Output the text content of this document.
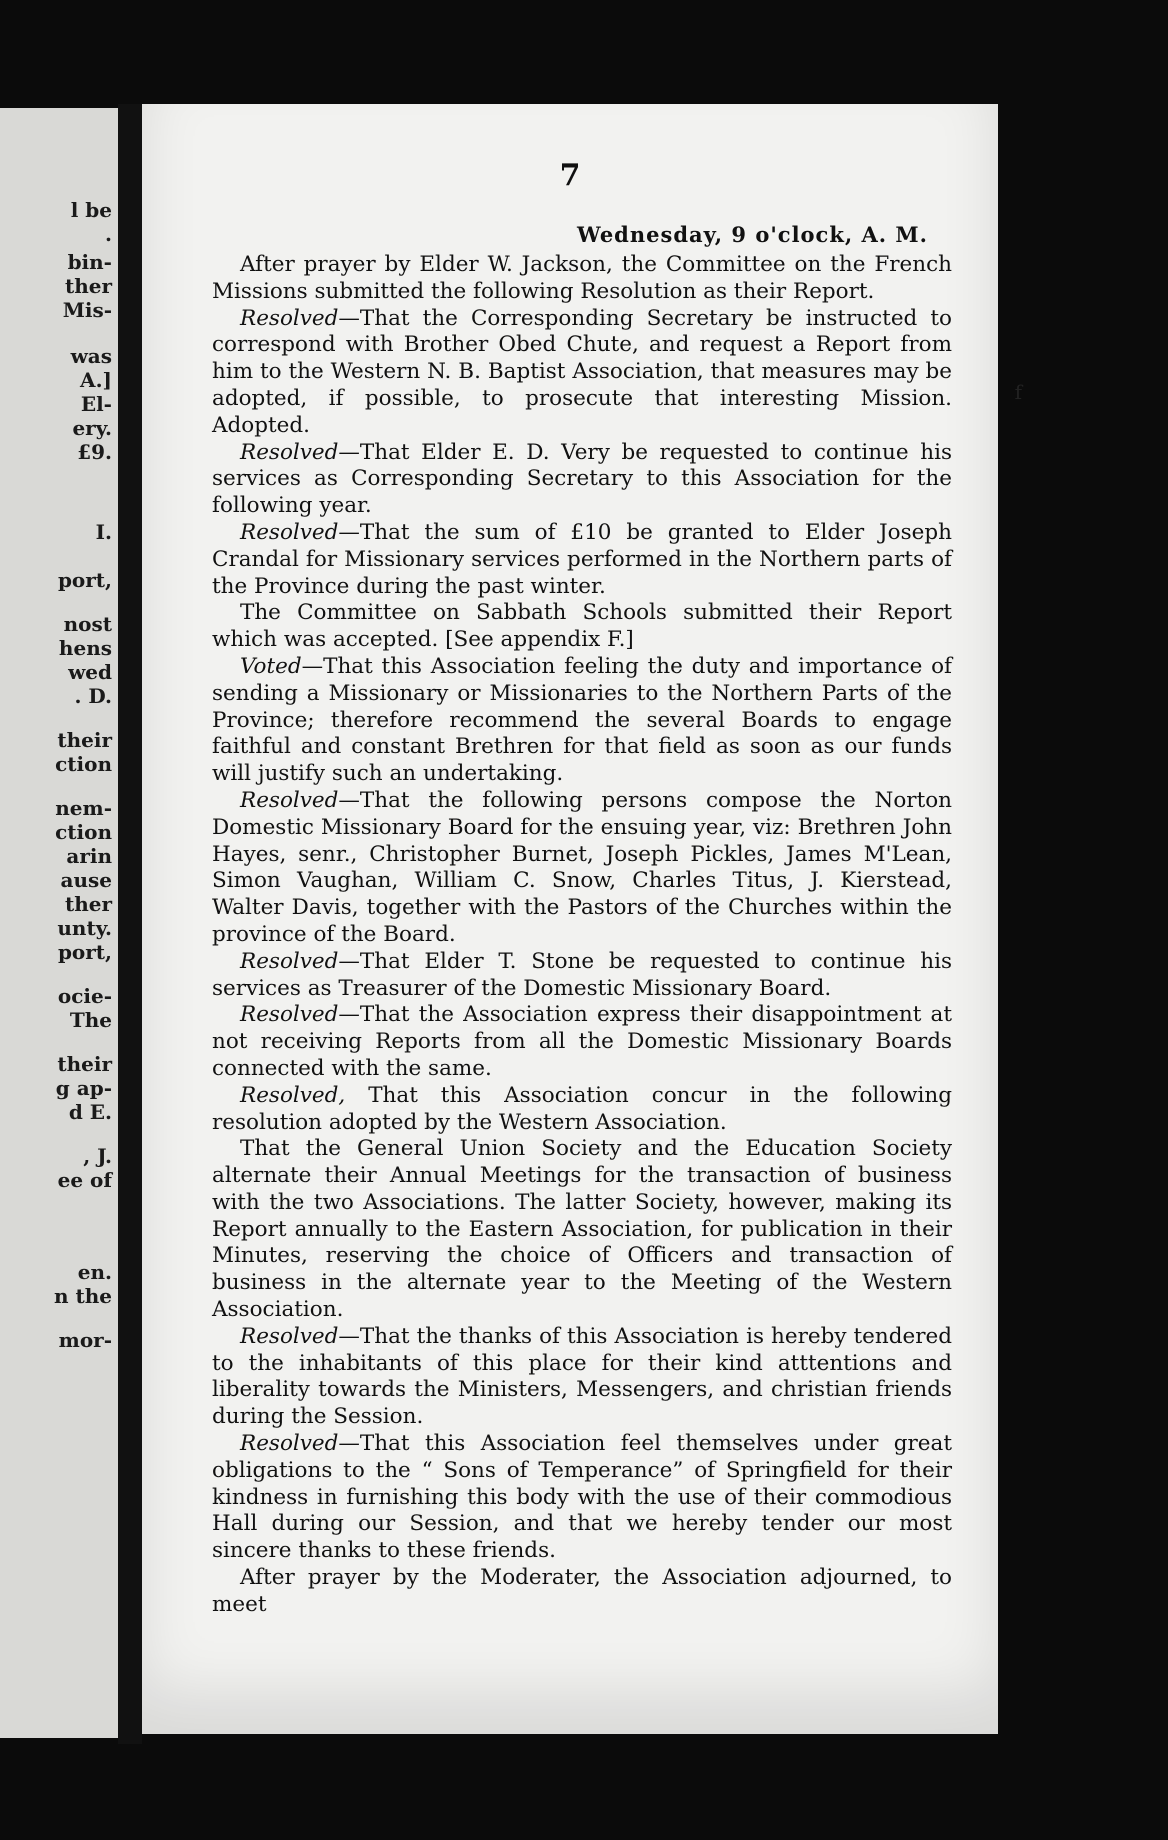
l be
.
bin-
ther
Mis-
was
A.]
El-
ery.
£9.
I.
port,
nost
hens
wed
. D.
their
ction
nem-
ction
arin
ause
ther
unty.
port,
ocie-
The
their
g ap-
d E.
, J.
ee of
en.
n the
mor-
7
Wednesday, 9 o'clock, A. M.

After prayer by Elder W. Jackson, the Committee on the French Missions submitted the following Resolution as their Report.

Resolved—That the Corresponding Secretary be instructed to correspond with Brother Obed Chute, and request a Report from him to the Western N. B. Baptist Association, that measures may be adopted, if possible, to prosecute that interesting Mission. Adopted.

Resolved—That Elder E. D. Very be requested to continue his services as Corresponding Secretary to this Association for the following year.

Resolved—That the sum of £10 be granted to Elder Joseph Crandal for Missionary services performed in the Northern parts of the Province during the past winter.

The Committee on Sabbath Schools submitted their Report which was accepted. [See appendix F.]

Voted—That this Association feeling the duty and importance of sending a Missionary or Missionaries to the Northern Parts of the Province; therefore recommend the several Boards to engage faithful and constant Brethren for that field as soon as our funds will justify such an undertaking.

Resolved—That the following persons compose the Norton Domestic Missionary Board for the ensuing year, viz: Brethren John Hayes, senr., Christopher Burnet, Joseph Pickles, James M'Lean, Simon Vaughan, William C. Snow, Charles Titus, J. Kierstead, Walter Davis, together with the Pastors of the Churches within the province of the Board.

Resolved—That Elder T. Stone be requested to continue his services as Treasurer of the Domestic Missionary Board.

Resolved—That the Association express their disappointment at not receiving Reports from all the Domestic Missionary Boards connected with the same.

Resolved, That this Association concur in the following resolution adopted by the Western Association.

That the General Union Society and the Education Society alternate their Annual Meetings for the transaction of business with the two Associations. The latter Society, however, making its Report annually to the Eastern Association, for publication in their Minutes, reserving the choice of Officers and transaction of business in the alternate year to the Meeting of the Western Association.

Resolved—That the thanks of this Association is hereby tendered to the inhabitants of this place for their kind atttentions and liberality towards the Ministers, Messengers, and christian friends during the Session.

Resolved—That this Association feel themselves under great obligations to the “ Sons of Temperance” of Springfield for their kindness in furnishing this body with the use of their commodious Hall during our Session, and that we hereby tender our most sincere thanks to these friends.

After prayer by the Moderater, the Association adjourned, to meet

f
